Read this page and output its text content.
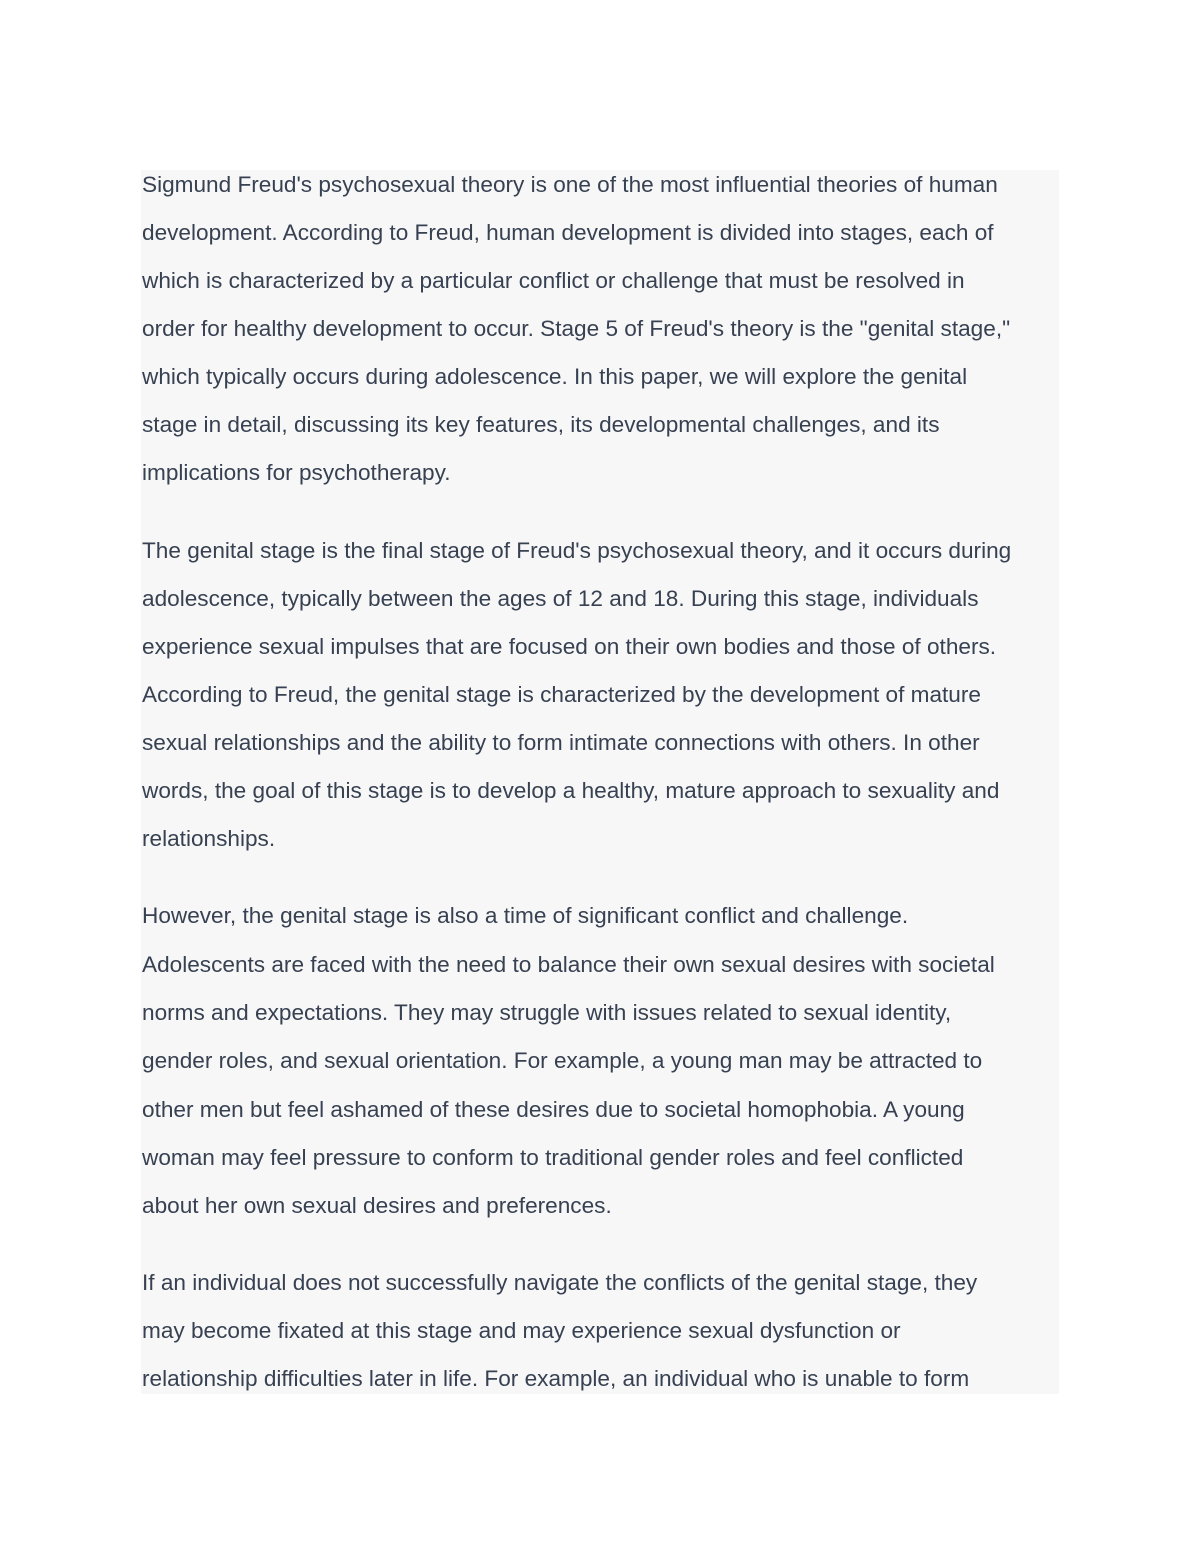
Sigmund Freud's psychosexual theory is one of the most influential theories of human
development. According to Freud, human development is divided into stages, each of
which is characterized by a particular conflict or challenge that must be resolved in
order for healthy development to occur. Stage 5 of Freud's theory is the "genital stage,"
which typically occurs during adolescence. In this paper, we will explore the genital
stage in detail, discussing its key features, its developmental challenges, and its
implications for psychotherapy.
The genital stage is the final stage of Freud's psychosexual theory, and it occurs during
adolescence, typically between the ages of 12 and 18. During this stage, individuals
experience sexual impulses that are focused on their own bodies and those of others.
According to Freud, the genital stage is characterized by the development of mature
sexual relationships and the ability to form intimate connections with others. In other
words, the goal of this stage is to develop a healthy, mature approach to sexuality and
relationships.
However, the genital stage is also a time of significant conflict and challenge.
Adolescents are faced with the need to balance their own sexual desires with societal
norms and expectations. They may struggle with issues related to sexual identity,
gender roles, and sexual orientation. For example, a young man may be attracted to
other men but feel ashamed of these desires due to societal homophobia. A young
woman may feel pressure to conform to traditional gender roles and feel conflicted
about her own sexual desires and preferences.
If an individual does not successfully navigate the conflicts of the genital stage, they
may become fixated at this stage and may experience sexual dysfunction or
relationship difficulties later in life. For example, an individual who is unable to form
